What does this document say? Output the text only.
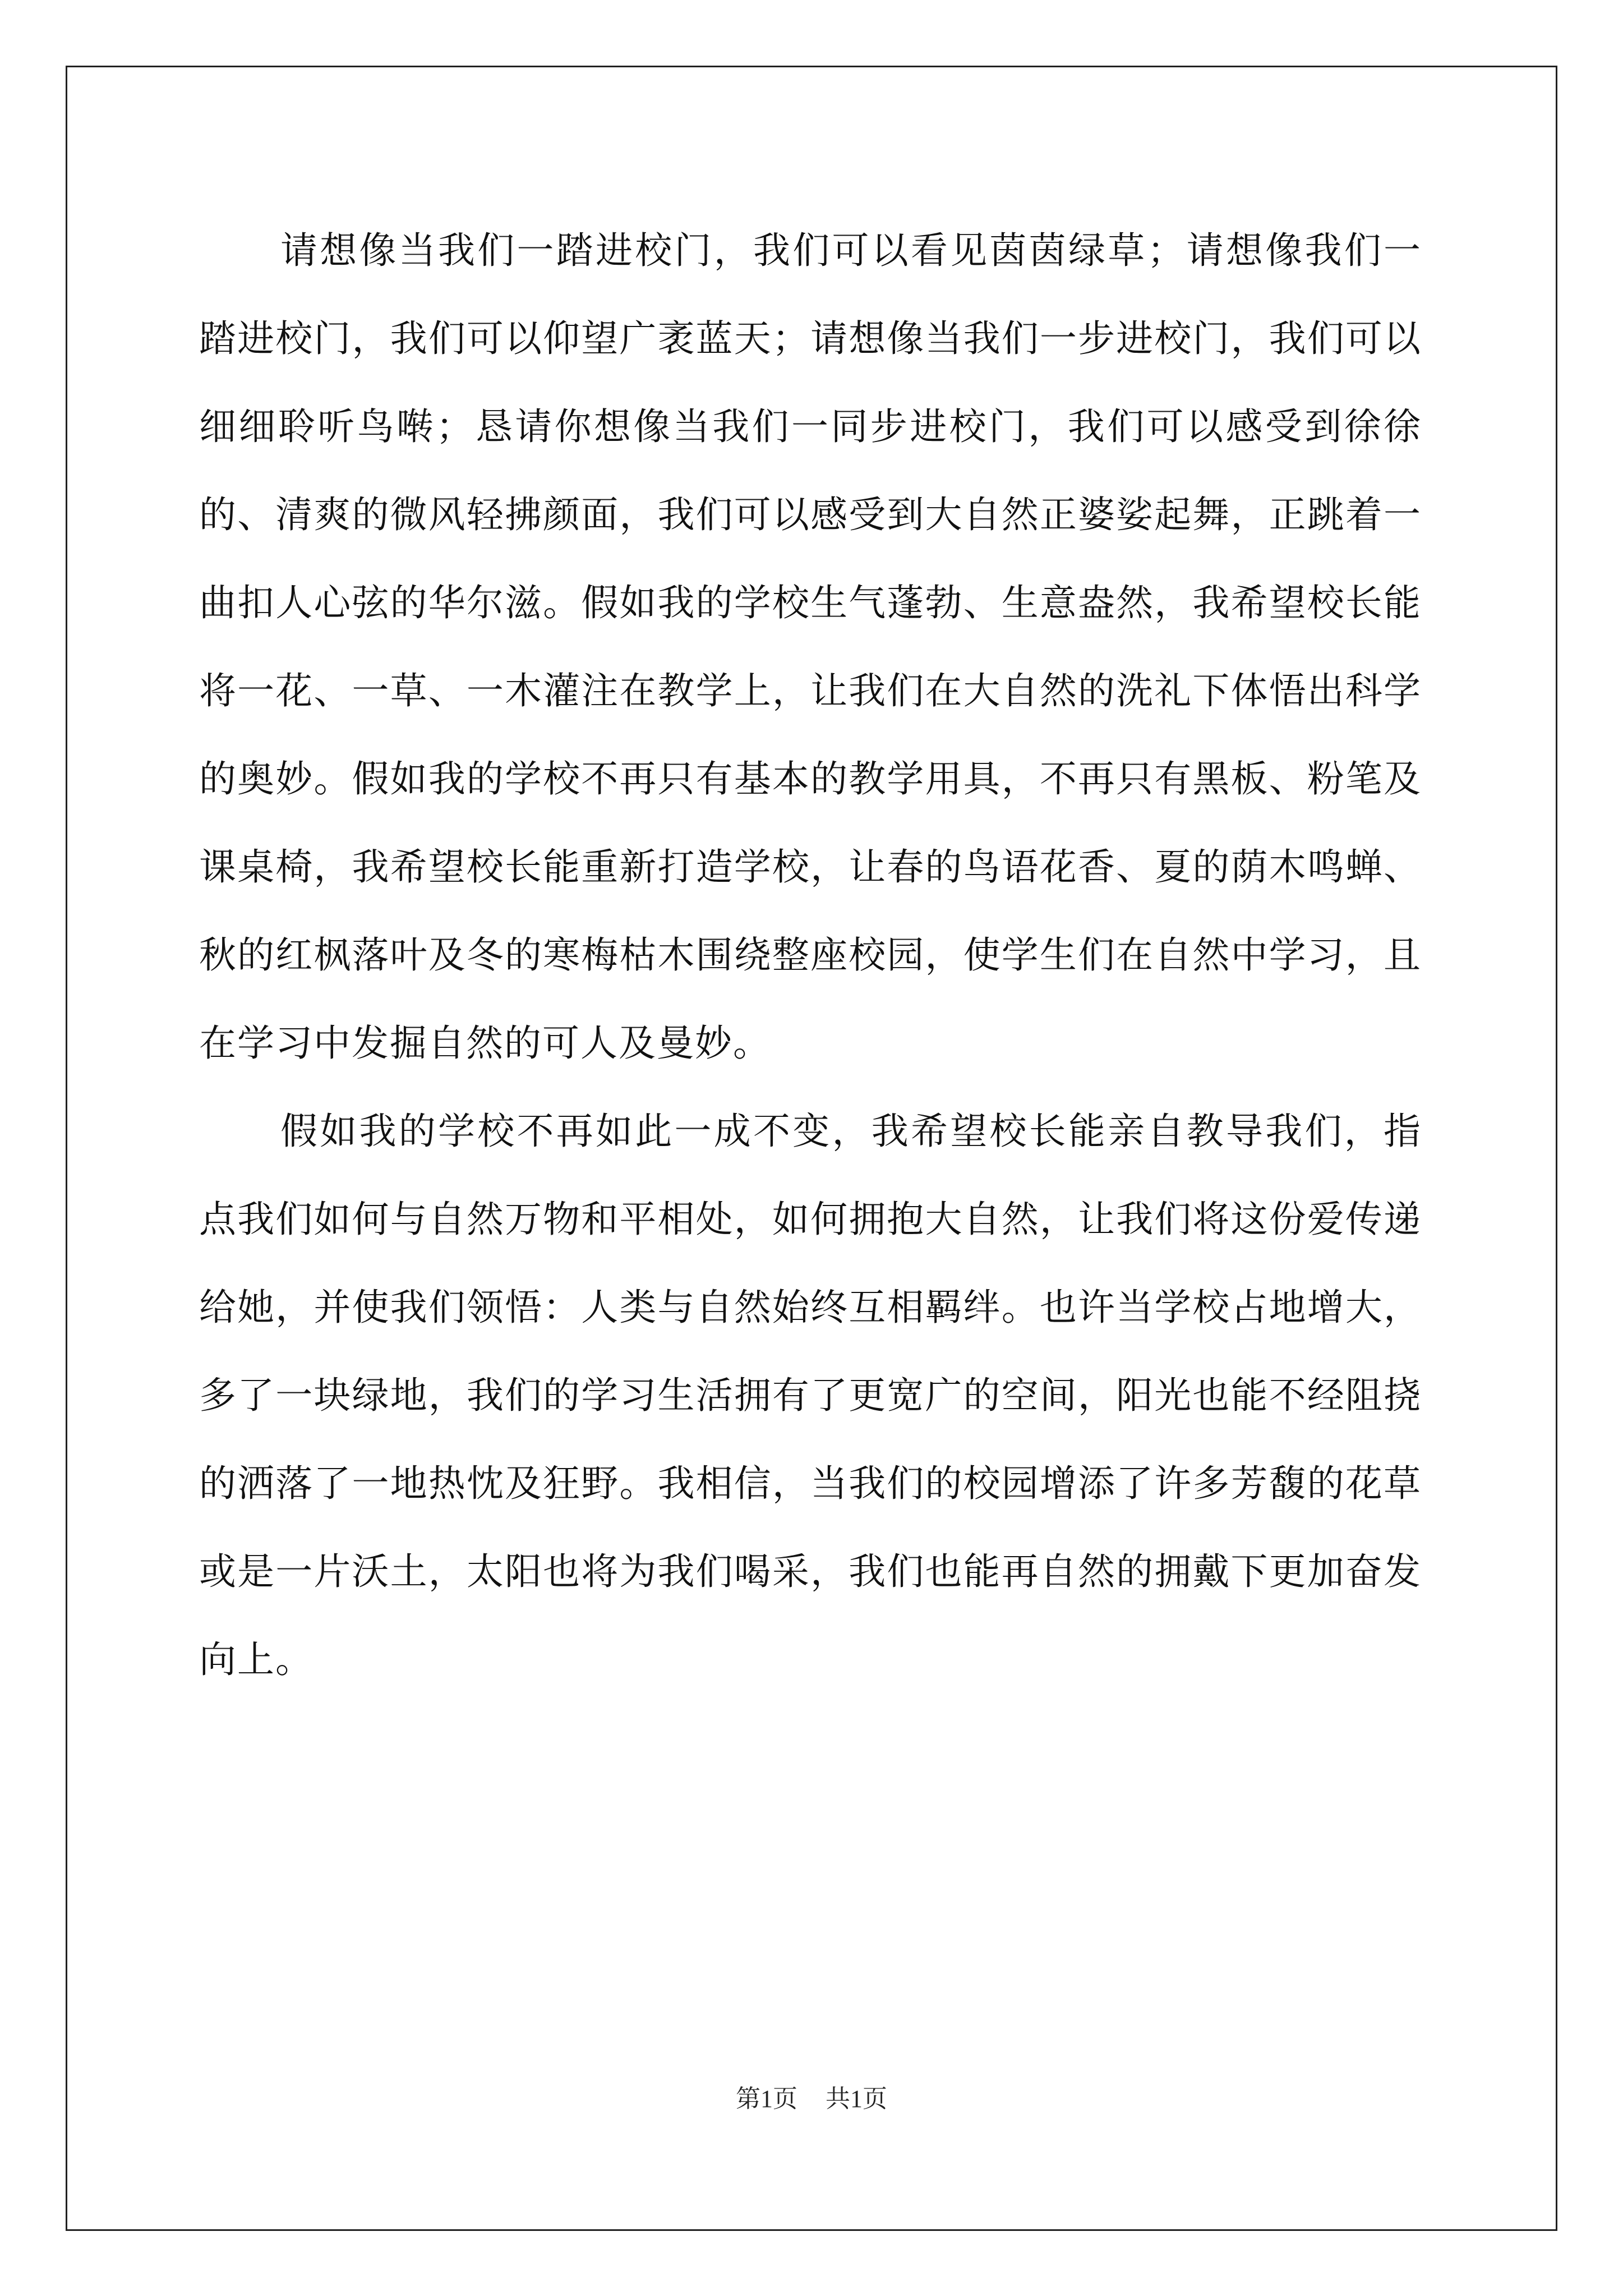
请想像当我们一踏进校门，我们可以看见茵茵绿草；请想像我们一踏进校门，我们可以仰望广袤蓝天；请想像当我们一步进校门，我们可以细细聆听鸟啭；恳请你想像当我们一同步进校门，我们可以感受到徐徐的、清爽的微风轻拂颜面，我们可以感受到大自然正婆娑起舞，正跳着一曲扣人心弦的华尔滋。假如我的学校生气蓬勃、生意盎然，我希望校长能将一花、一草、一木灌注在教学上，让我们在大自然的洗礼下体悟出科学的奥妙。假如我的学校不再只有基本的教学用具，不再只有黑板、粉笔及课桌椅，我希望校长能重新打造学校，让春的鸟语花香、夏的荫木鸣蝉、秋的红枫落叶及冬的寒梅枯木围绕整座校园，使学生们在自然中学习，且在学习中发掘自然的可人及曼妙。

假如我的学校不再如此一成不变，我希望校长能亲自教导我们，指点我们如何与自然万物和平相处，如何拥抱大自然，让我们将这份爱传递给她，并使我们领悟：人类与自然始终互相羁绊。也许当学校占地增大，多了一块绿地，我们的学习生活拥有了更宽广的空间，阳光也能不经阻挠的洒落了一地热忱及狂野。我相信，当我们的校园增添了许多芳馥的花草或是一片沃土，太阳也将为我们喝采，我们也能再自然的拥戴下更加奋发向上。

第1页 共1页
